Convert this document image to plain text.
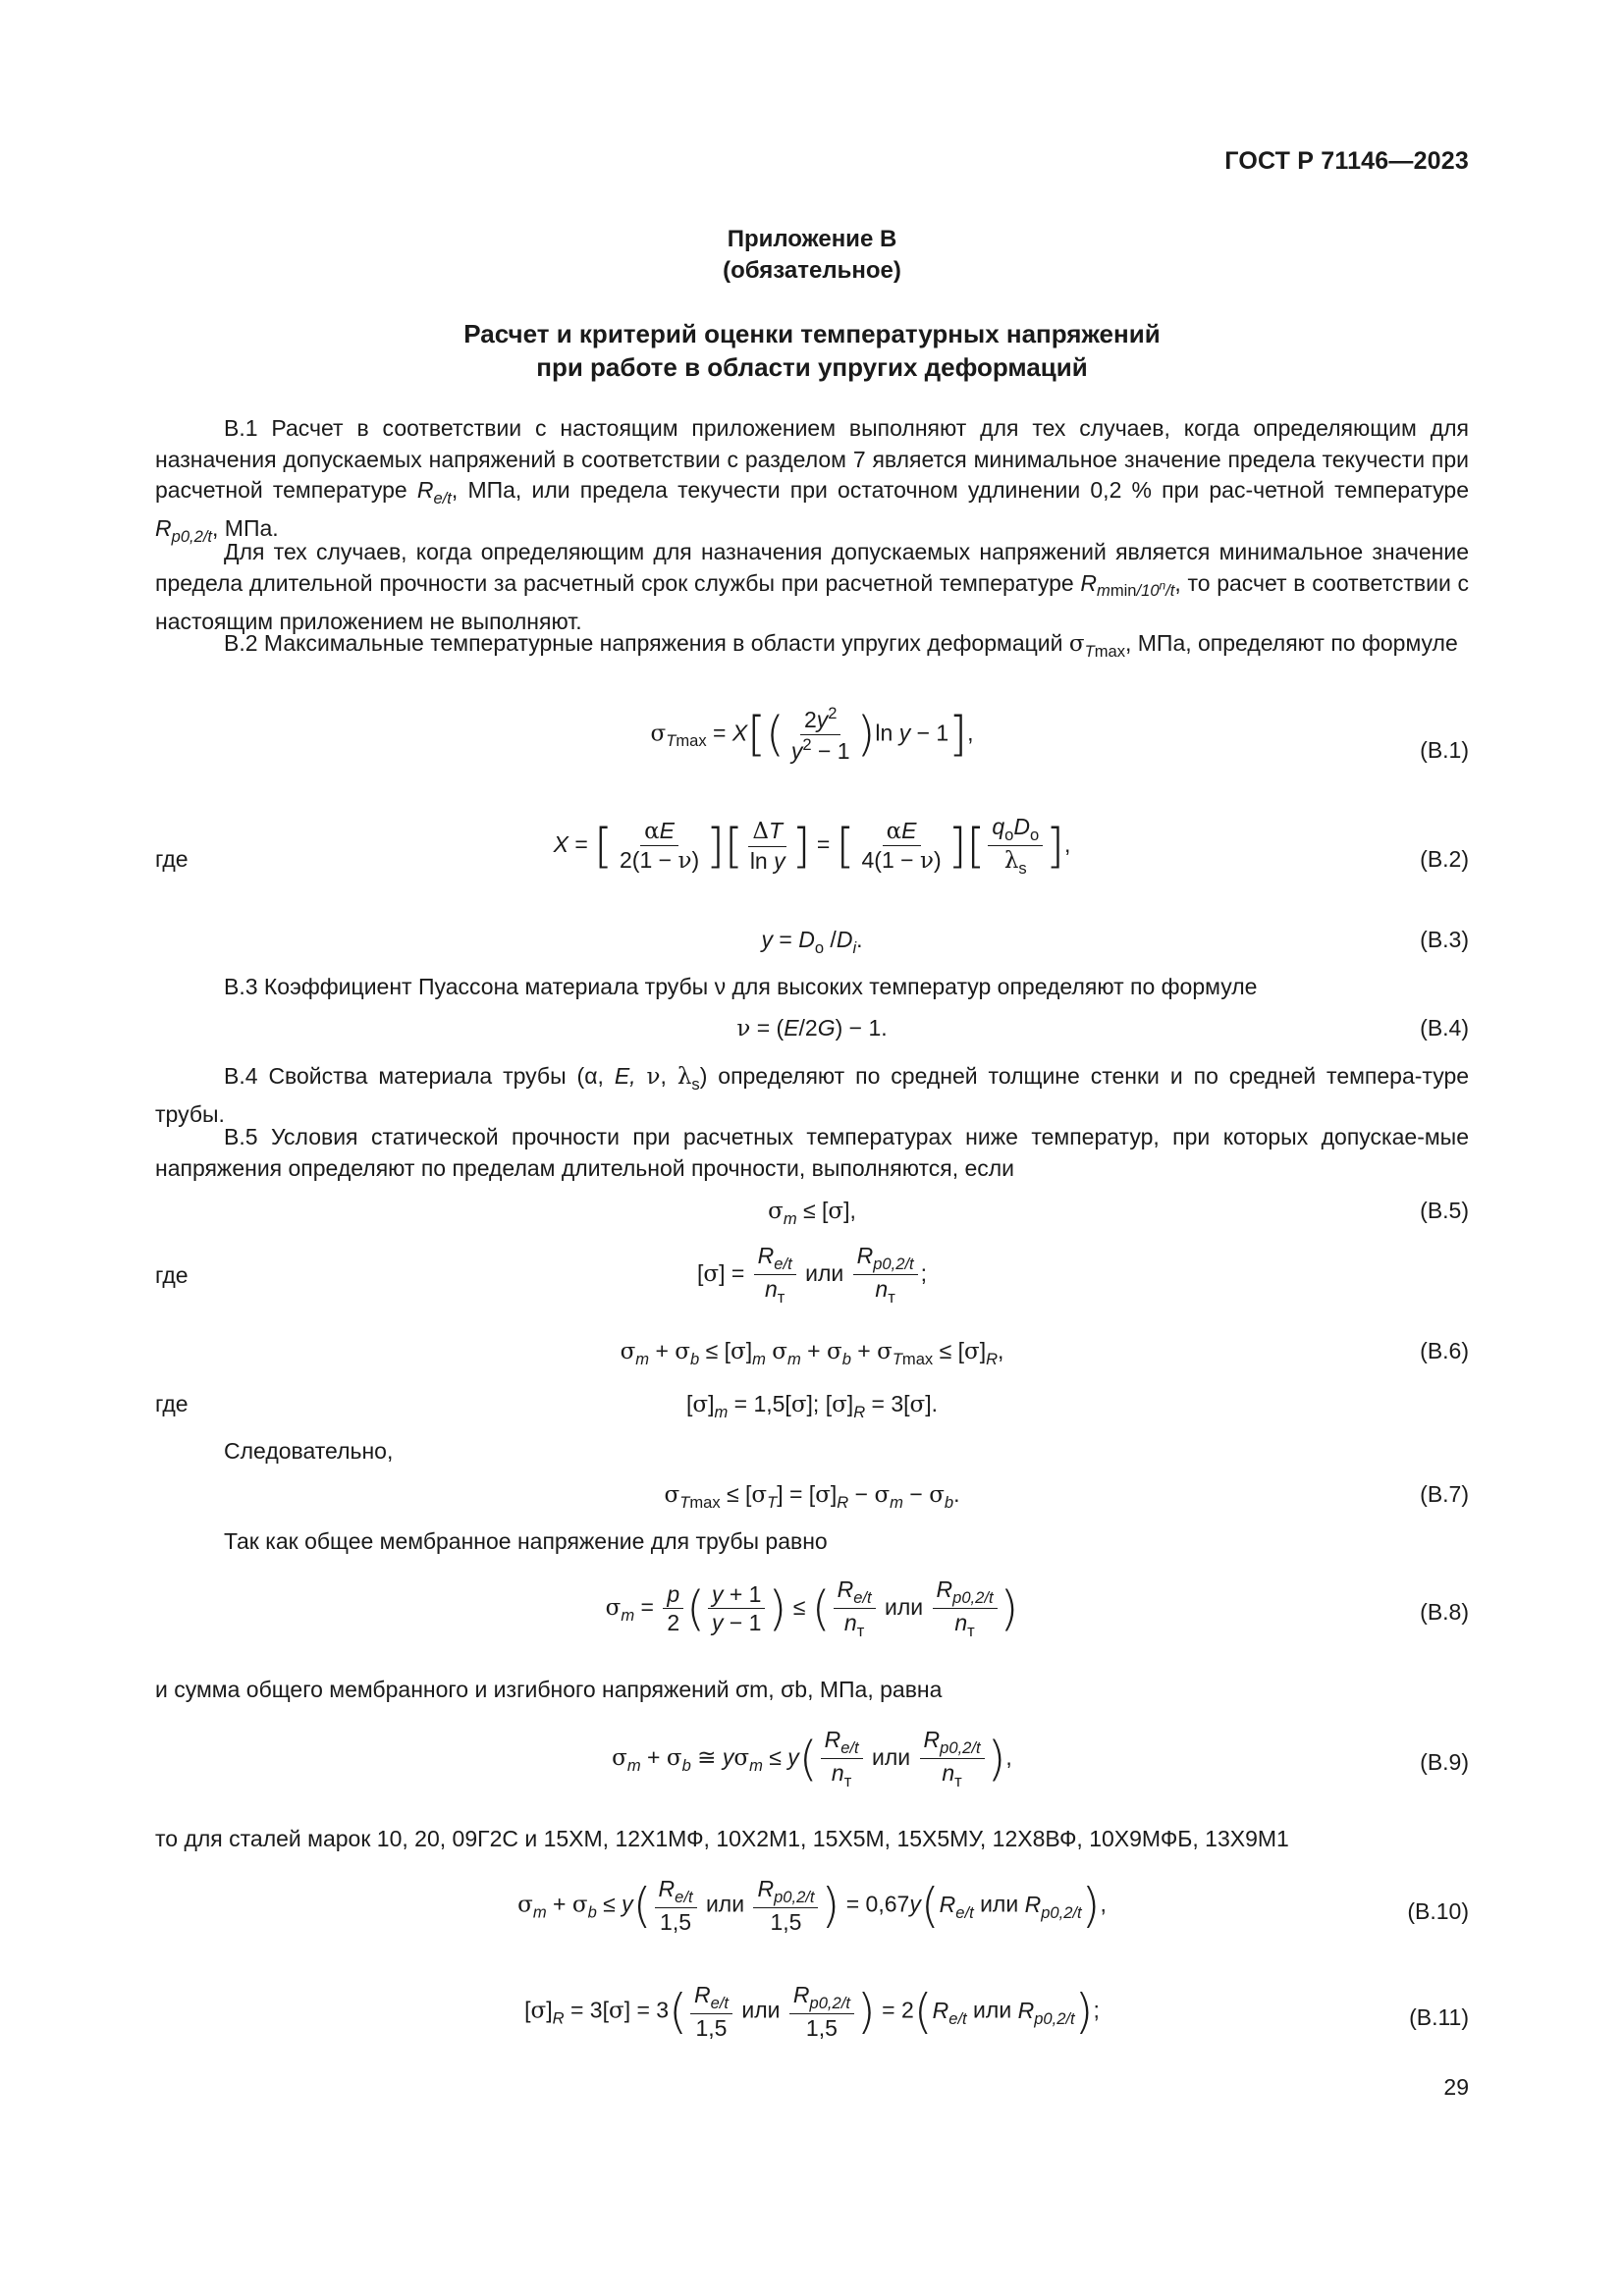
ГОСТ Р 71146—2023
Приложение В
(обязательное)
Расчет и критерий оценки температурных напряжений
при работе в области упругих деформаций
В.1 Расчет в соответствии с настоящим приложением выполняют для тех случаев, когда определяющим для назначения допускаемых напряжений в соответствии с разделом 7 является минимальное значение предела текучести при расчетной температуре $R_{e/t}$, МПа, или предела текучести при остаточном удлинении 0,2 % при рас-четной температуре $R_{p0,2/t}$, МПа.
Для тех случаев, когда определяющим для назначения допускаемых напряжений является минимальное значение предела длительной прочности за расчетный срок службы при расчетной температуре $R_{mmin/10^n/t}$, то расчет в соответствии с настоящим приложением не выполняют.
В.2 Максимальные температурные напряжения в области упругих деформаций $\sigma_{Tmax}$, МПа, определяют по формуле
$\sigma_{Tmax} = X[( \frac{2y^2}{y^2 - 1} )\ln$ y − 1],
(В.1)
где
X = [ $\frac{\alpha E}{2(1 - \nu)}$ ][ $\frac{\Delta T}{\text{ln y}}$ ] = [ $\frac{\alpha E}{4(1 - \nu)}$ ][ $\frac{q_oD_o}{\lambda_s}$ ],
(В.2)
$y = D_o$ $/D_i$.	(В.3)
В.3 Коэффициент Пуассона материала трубы ν для высоких температур определяют по формуле
ν = (E/2G) − 1.	(В.4)
В.4 Свойства материала трубы (α, E, ν, $\lambda_s$) определяют по средней толщине стенки и по средней темпера-туре трубы.
В.5 Условия статической прочности при расчетных температурах ниже температур, при которых допускае-мые напряжения определяют по пределам длительной прочности, выполняются, если
$\sigma_m \le [\sigma]$,	(В.5)
где	$[\sigma] = \frac{R_{e/t}}{n_т}$ или $\frac{R_{p0,2/t}}{n_т}$ ;
$\sigma_m + \sigma_b \le [\sigma]_m$ $\sigma_m + \sigma_b + \sigma_{Tmax} \le [\sigma]_R$,	(В.6)
где	$[\sigma]_m = 1,5[\sigma]$; $[\sigma]_R = 3[\sigma]$.
Следовательно,
$\sigma_{Tmax} \le [\sigma_T] = [\sigma]_R - \sigma_m - \sigma_b$.	(В.7)
Так как общее мембранное напряжение для трубы равно
$\sigma_m = \frac{p}{2}$ ( $\frac{y + 1}{y - 1}$ ) ≤ ( $\frac{R_{e/t}}{n_т}$ или $\frac{R_{p0,2/t}}{n_т}$ )	(В.8)
и сумма общего мембранного и изгибного напряжений σm, σb, МПа, равна
$\sigma_m + \sigma_b$ ≅ $y\sigma_m \le y( \frac{R_{e/t}}{n_т}$ или $\frac{R_{p0,2/t}}{n_т}$ ),	(В.9)
то для сталей марок 10, 20, 09Г2С и 15ХМ, 12Х1МФ, 10Х2М1, 15Х5М, 15Х5МУ, 12Х8ВФ, 10Х9МФБ, 13Х9М1
$\sigma_m + \sigma_b \le y( \frac{R_{e/t}}{1,5}$ или $\frac{R_{p0,2/t}}{1,5}$ ) = $0,67y(R_{e/t}$ или $R_{p0,2/t}$),	(В.10)
$[\sigma]_R = 3[\sigma] = 3( \frac{R_{e/t}}{1,5}$ или $\frac{R_{p0,2/t}}{1,5}$ ) = $2(R_{e/t}$ или $R_{p0,2/t}$);	(В.11)
29
